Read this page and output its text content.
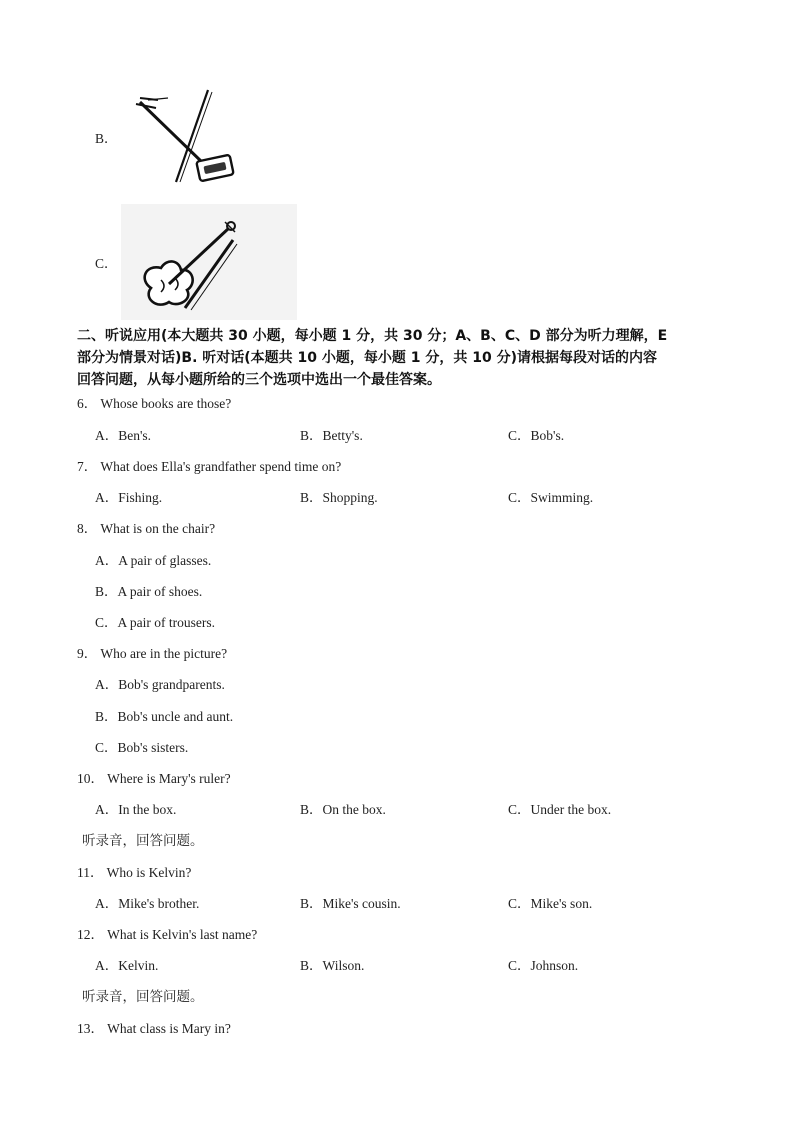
B．
C．
二、听说应用(本大题共 30 小题，每小题 1 分，共 30 分；A、B、C、D 部分为听力理解，E
部分为情景对话)B. 听对话(本题共 10 小题，每小题 1 分，共 10 分)请根据每段对话的内容
回答问题，从每小题所给的三个选项中选出一个最佳答案。
6． Whose books are those?
A．Ben's.	B．Betty's.	C．Bob's.
7． What does Ella's grandfather spend time on?
A．Fishing.	B．Shopping.	C．Swimming.
8． What is on the chair?
A．A pair of glasses.
B．A pair of shoes.
C．A pair of trousers.
9． Who are in the picture?
A．Bob's grandparents.
B．Bob's uncle and aunt.
C．Bob's sisters.
10． Where is Mary's ruler?
A．In the box.	B．On the box.	C．Under the box.
听录音，回答问题。
11． Who is Kelvin?
A．Mike's brother.	B．Mike's cousin.	C．Mike's son.
12． What is Kelvin's last name?
A．Kelvin.	B．Wilson.	C．Johnson.
听录音，回答问题。
13． What class is Mary in?
